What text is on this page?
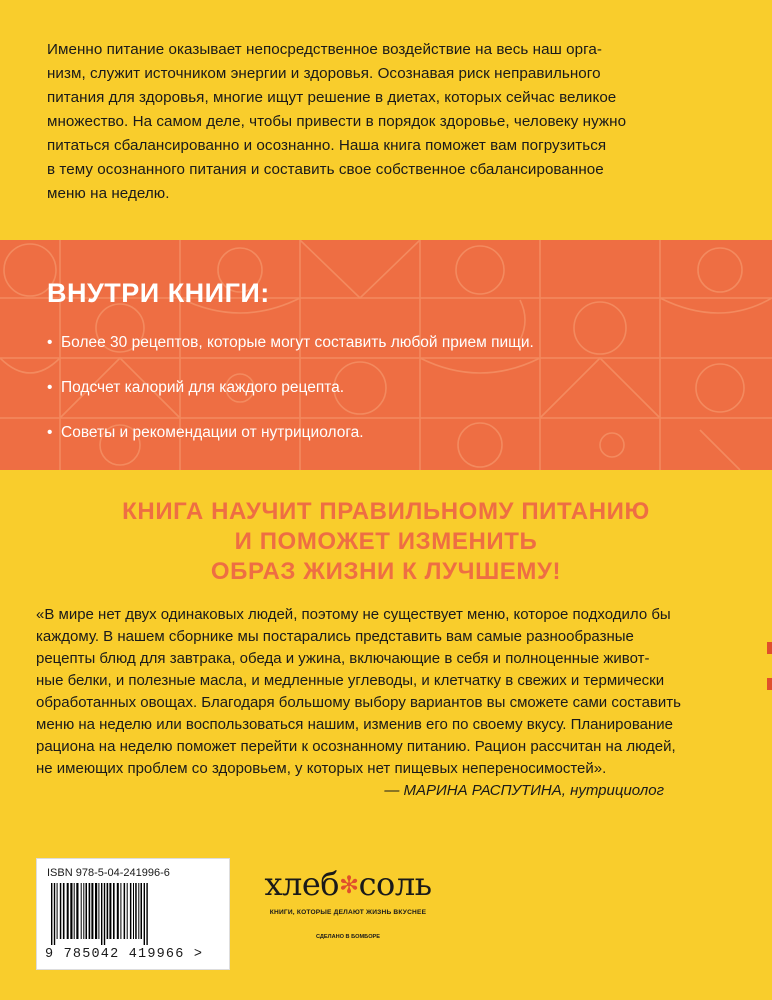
Именно питание оказывает непосредственное воздействие на весь наш орга-
низм, служит источником энергии и здоровья. Осознавая риск неправильного
питания для здоровья, многие ищут решение в диетах, которых сейчас великое
множество. На самом деле, чтобы привести в порядок здоровье, человеку нужно
питаться сбалансированно и осознанно. Наша книга поможет вам погрузиться
в тему осознанного питания и составить свое собственное сбалансированное
меню на неделю.
ВНУТРИ КНИГИ:
• Более 30 рецептов, которые могут составить любой прием пищи.
• Подсчет калорий для каждого рецепта.
• Советы и рекомендации от нутрициолога.
КНИГА НАУЧИТ ПРАВИЛЬНОМУ ПИТАНИЮ
И ПОМОЖЕТ ИЗМЕНИТЬ
ОБРАЗ ЖИЗНИ К ЛУЧШЕМУ!
«В мире нет двух одинаковых людей, поэтому не существует меню, которое подходило бы
каждому. В нашем сборнике мы постарались представить вам самые разнообразные
рецепты блюд для завтрака, обеда и ужина, включающие в себя и полноценные живот-
ные белки, и полезные масла, и медленные углеводы, и клетчатку в свежих и термически
обработанных овощах. Благодаря большому выбору вариантов вы сможете сами составить
меню на неделю или воспользоваться нашим, изменив его по своему вкусу. Планирование
рациона на неделю поможет перейти к осознанному питанию. Рацион рассчитан на людей,
не имеющих проблем со здоровьем, у которых нет пищевых непереносимостей».
— МАРИНА РАСПУТИНА, нутрициолог
ISBN 978-5-04-241996-6
9 785042 419966 >
хлеб✻соль
КНИГИ, КОТОРЫЕ ДЕЛАЮТ ЖИЗНЬ ВКУСНЕЕ
СДЕЛАНО В БОМБОРЕ
